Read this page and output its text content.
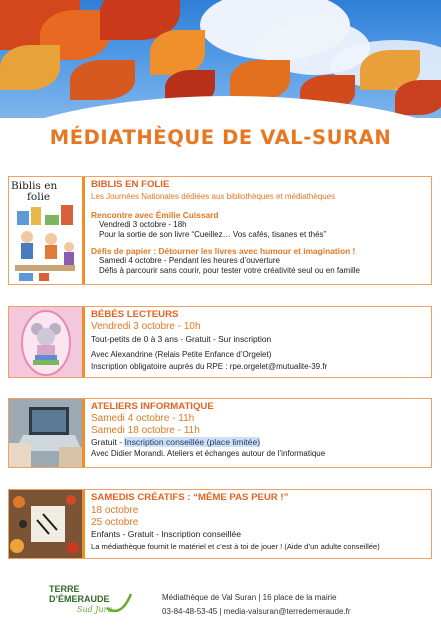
MÉDIATHÈQUE DE VAL-SURAN
Biblis en
folie
BIBLIS EN FOLIE
Les Journées Nationales dédiées aux bibliothèques et médiathèques
Rencontre avec Émilie Cuissard
Vendredi 3 octobre - 18h
Pour la sortie de son livre “Cueillez… Vos cafés, tisanes et thés”
Défis de papier : Détourner les livres avec humour et imagination !
Samedi 4 octobre - Pendant les heures d’ouverture
Défis à parcourir sans courir, pour tester votre créativité seul ou en famille
BÉBÉS LECTEURS
Vendredi 3 octobre - 10h
Tout-petits de 0 à 3 ans - Gratuit - Sur inscription
Avec Alexandrine (Relais Petite Enfance d’Orgelet)
Inscription obligatoire auprès du RPE : rpe.orgelet@mutualite-39.fr
ATELIERS INFORMATIQUE
Samedi 4 octobre - 11h
Samedi 18 octobre - 11h
Gratuit - Inscription conseillée (place limitée)
Avec Didier Morandi. Ateliers et échanges autour de l’informatique
SAMEDIS CRÉATIFS : “MÊME PAS PEUR !”
18 octobre
25 octobre
Enfants - Gratuit - Inscription conseillée
La médiathèque fournit le matériel et c’est à toi de jouer ! (Aide d’un adulte conseillée)
TERRE
D’ÉMERAUDE
Sud Jura
Médiathèque de Val Suran | 16 place de la mairie
03-84-48-53-45 | media-valsuran@terredemeraude.fr
